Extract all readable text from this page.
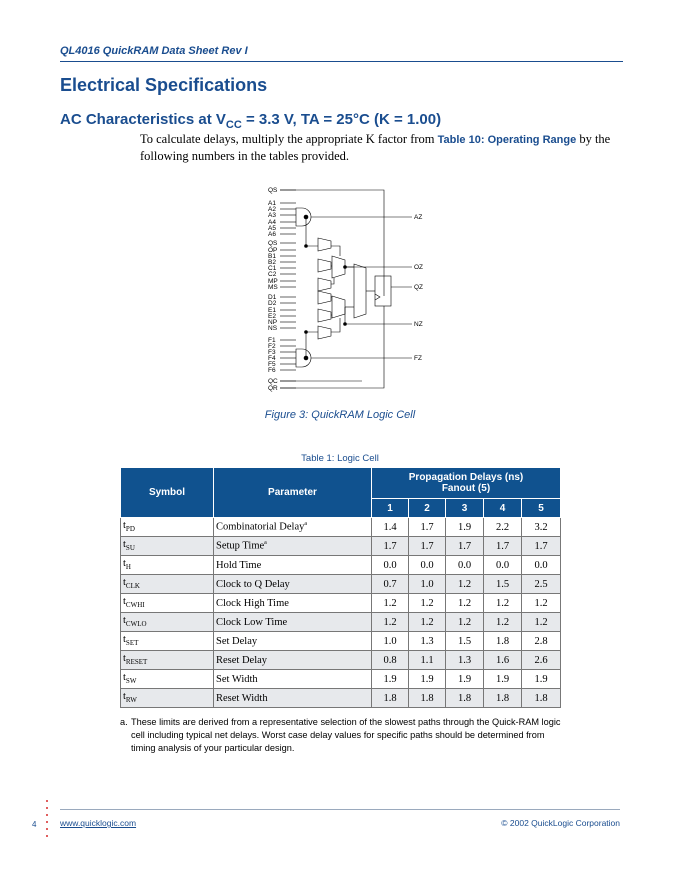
QL4016 QuickRAM Data Sheet Rev I
Electrical Specifications
AC Characteristics at $V_{CC} = 3.3$ V, TA = 25°C (K = 1.00)
To calculate delays, multiply the appropriate K factor from Table 10: Operating Range by the following numbers in the tables provided.
QS
A1
A2
A3
A4
A5
A6
QS
OP
B1
B2
C1
C2
MP
MS
D1
D2
E1
E2
NP
NS
F1
F2
F3
F4
F5
F6
QC
QR
AZ
OZ
QZ
NZ
FZ
Figure 3: QuickRAM Logic Cell
Table 1: Logic Cell
Symbol	Parameter	Propagation Delays (ns)
Fanout (5)				

		1	2	3	4	5
$t_{PD}$	Combinatorial Delay$^a$	1.4	1.7	1.9	2.2	3.2
$t_{SU}$	Setup Time$^a$	1.7	1.7	1.7	1.7	1.7
$t_H$	Hold Time	0.0	0.0	0.0	0.0	0.0
$t_{CLK}$	Clock to Q Delay	0.7	1.0	1.2	1.5	2.5
$t_{CWHI}$	Clock High Time	1.2	1.2	1.2	1.2	1.2
$t_{CWLO}$	Clock Low Time	1.2	1.2	1.2	1.2	1.2
$t_{SET}$	Set Delay	1.0	1.3	1.5	1.8	2.8
$t_{RESET}$	Reset Delay	0.8	1.1	1.3	1.6	2.6
$t_{SW}$	Set Width	1.9	1.9	1.9	1.9	1.9
$t_{RW}$	Reset Width	1.8	1.8	1.8	1.8	1.8
a. These limits are derived from a representative selection of the slowest paths through the Quick-RAM logic cell including typical net delays. Worst case delay values for specific paths should be determined from timing analysis of your particular design.
4	www.quicklogic.com	© 2002 QuickLogic Corporation
